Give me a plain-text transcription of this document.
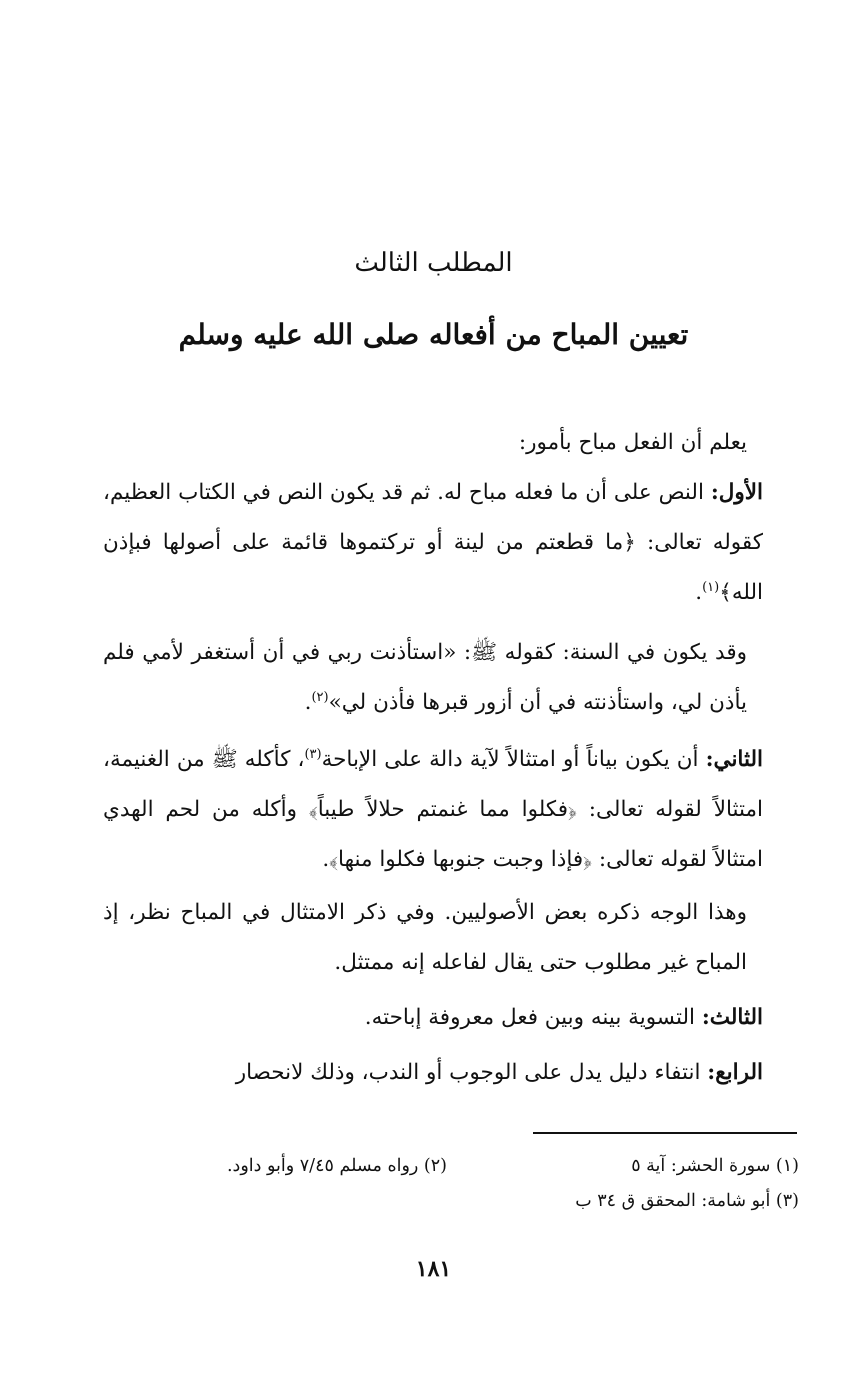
المطلب الثالث
تعيين المباح من أفعاله صلى الله عليه وسلم
يعلم أن الفعل مباح بأمور:
الأول: النص على أن ما فعله مباح له. ثم قد يكون النص في الكتاب العظيم، كقوله تعالى: ﴿ما قطعتم من لينة أو تركتموها قائمة على أصولها فبإذن الله﴾$^{(١)}$.
وقد يكون في السنة: كقوله ﷺ: «استأذنت ربي في أن أستغفر لأمي فلم يأذن لي، واستأذنته في أن أزور قبرها فأذن لي»$^{(٢)}$.
الثاني: أن يكون بياناً أو امتثالاً لآية دالة على الإباحة$^{(٣)}$، كأكله ﷺ من الغنيمة، امتثالاً لقوله تعالى: ﴿فكلوا مما غنمتم حلالاً طيباً﴾ وأكله من لحم الهدي امتثالاً لقوله تعالى: ﴿فإذا وجبت جنوبها فكلوا منها﴾.
وهذا الوجه ذكره بعض الأصوليين. وفي ذكر الامتثال في المباح نظر، إذ المباح غير مطلوب حتى يقال لفاعله إنه ممتثل.
الثالث: التسوية بينه وبين فعل معروفة إباحته.
الرابع: انتفاء دليل يدل على الوجوب أو الندب، وذلك لانحصار
(١) سورة الحشر: آية ٥
(٢) رواه مسلم ٧/٤٥ وأبو داود.
(٣) أبو شامة: المحقق ق ٣٤ ب
١٨١
